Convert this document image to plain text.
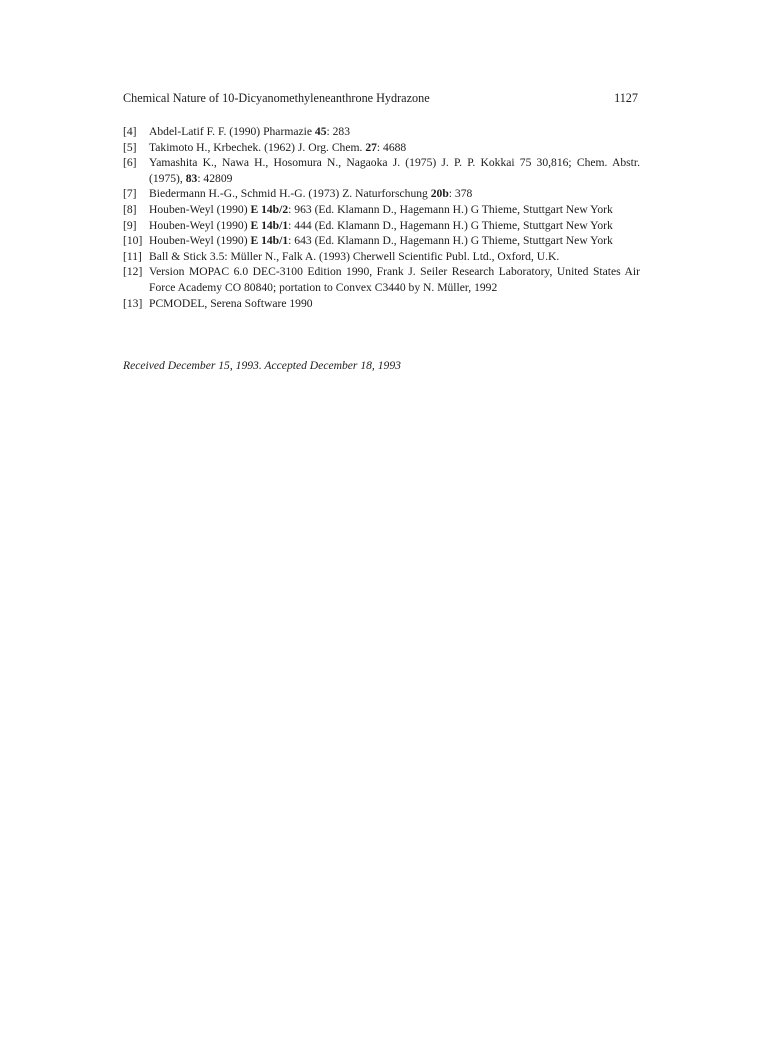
Chemical Nature of 10-Dicyanomethyleneanthrone Hydrazone	1127
[4]	Abdel-Latif F. F. (1990) Pharmazie 45: 283
[5]	Takimoto H., Krbechek. (1962) J. Org. Chem. 27: 4688
[6]	Yamashita K., Nawa H., Hosomura N., Nagaoka J. (1975) J. P. P. Kokkai 75 30,816; Chem. Abstr. (1975), 83: 42809
[7]	Biedermann H.-G., Schmid H.-G. (1973) Z. Naturforschung 20b: 378
[8]	Houben-Weyl (1990) E 14b/2: 963 (Ed. Klamann D., Hagemann H.) G Thieme, Stuttgart New York
[9]	Houben-Weyl (1990) E 14b/1: 444 (Ed. Klamann D., Hagemann H.) G Thieme, Stuttgart New York
[10] Houben-Weyl (1990) E 14b/1: 643 (Ed. Klamann D., Hagemann H.) G Thieme, Stuttgart New York
[11] Ball & Stick 3.5: Müller N., Falk A. (1993) Cherwell Scientific Publ. Ltd., Oxford, U.K.
[12] Version MOPAC 6.0 DEC-3100 Edition 1990, Frank J. Seiler Research Laboratory, United States Air Force Academy CO 80840; portation to Convex C3440 by N. Müller, 1992
[13] PCMODEL, Serena Software 1990
Received December 15, 1993. Accepted December 18, 1993
